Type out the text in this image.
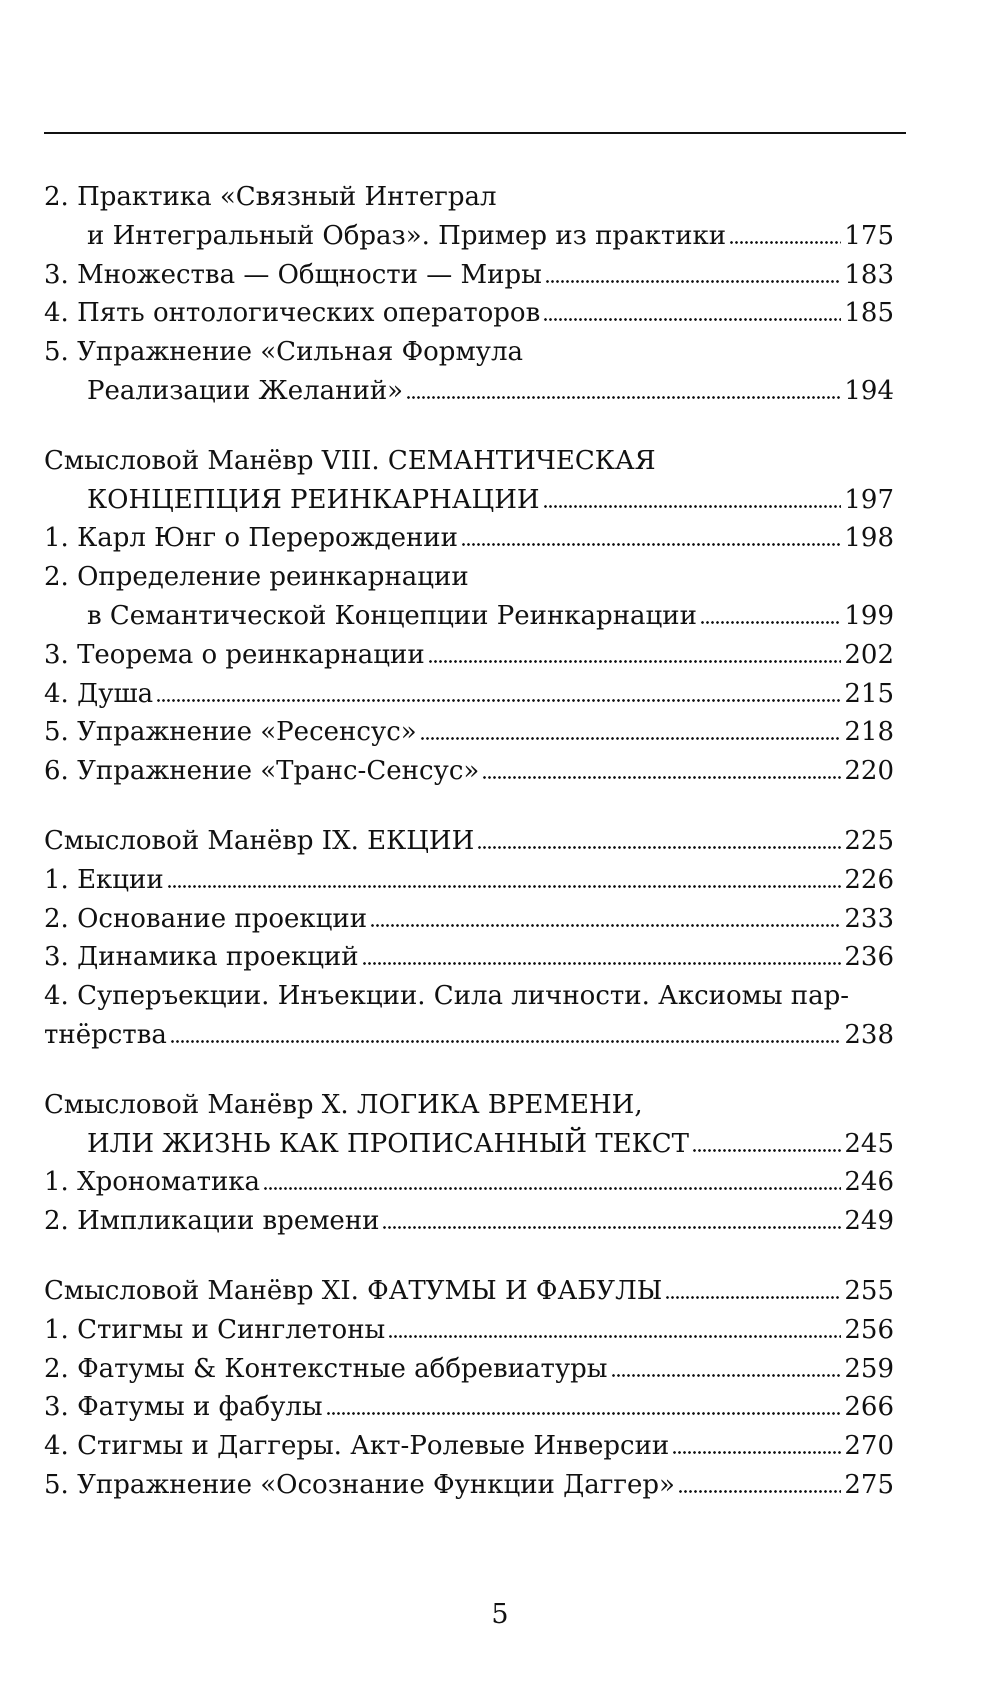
2. Практика «Связный Интеграл
и Интегральный Образ». Пример из практики	175
3. Множества — Общности — Миры	183
4. Пять онтологических операторов	185
5. Упражнение «Сильная Формула
Реализации Желаний»	194
Смысловой Манёвр VIII. СЕМАНТИЧЕСКАЯ
КОНЦЕПЦИЯ РЕИНКАРНАЦИИ	197
1. Карл Юнг о Перерождении	198
2. Определение реинкарнации
в Семантической Концепции Реинкарнации	199
3. Теорема о реинкарнации	202
4. Душа	215
5. Упражнение «Ресенсус»	218
6. Упражнение «Транс-Сенсус»	220
Смысловой Манёвр IX. ЕКЦИИ	225
1. Екции	226
2. Основание проекции	233
3. Динамика проекций	236
4. Суперъекции. Инъекции. Сила личности. Аксиомы пар-
тнёрства	238
Смысловой Манёвр X. ЛОГИКА ВРЕМЕНИ,
ИЛИ ЖИЗНЬ КАК ПРОПИСАННЫЙ ТЕКСТ	245
1. Хрономатика	246
2. Импликации времени	249
Смысловой Манёвр XI. ФАТУМЫ И ФАБУЛЫ	255
1. Стигмы и Синглетоны	256
2. Фатумы & Контекстные аббревиатуры	259
3. Фатумы и фабулы	266
4. Стигмы и Даггеры. Акт-Ролевые Инверсии	270
5. Упражнение «Осознание Функции Даггер»	275
5
